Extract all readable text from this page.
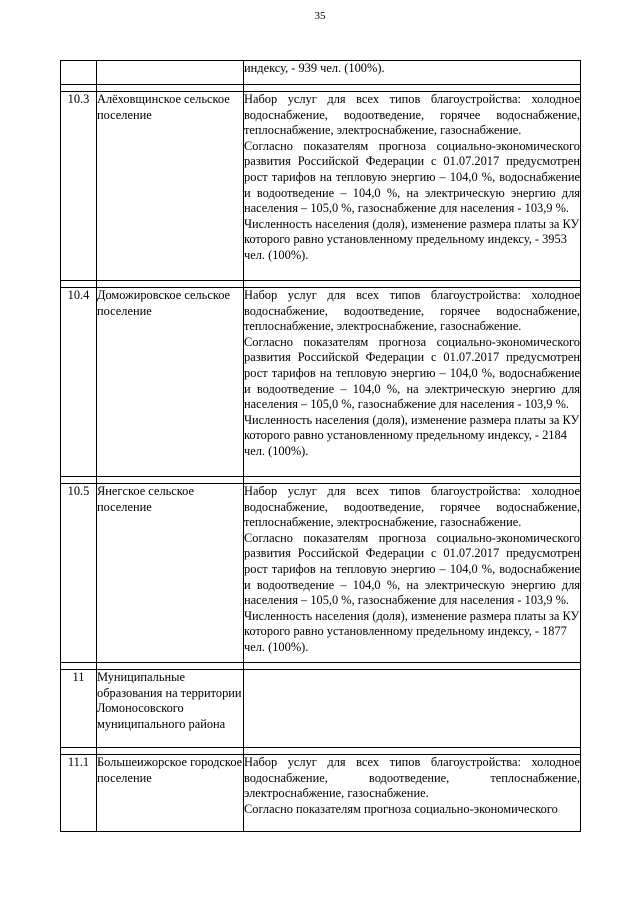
35

		индексу, - 939 чел. (100%).

10.3	Алёховщинское сельское поселение	Набор услуг для всех типов благоустройства: холодное водоснабжение, водоотведение, горячее водоснабжение, теплоснабжение, электроснабжение, газоснабжение.

Согласно показателям прогноза социально-экономического развития Российской Федерации с 01.07.2017 предусмотрен рост тарифов на тепловую энергию – 104,0 %, водоснабжение и водоотведение – 104,0 %, на электрическую энергию для населения – 105,0 %, газоснабжение для населения - 103,9 %.

Численность населения (доля), изменение размера платы за КУ которого равно установленному предельному индексу, - 3953 чел. (100%).

10.4	Доможировское сельское поселение	Набор услуг для всех типов благоустройства: холодное водоснабжение, водоотведение, горячее водоснабжение, теплоснабжение, электроснабжение, газоснабжение.

Согласно показателям прогноза социально-экономического развития Российской Федерации с 01.07.2017 предусмотрен рост тарифов на тепловую энергию – 104,0 %, водоснабжение и водоотведение – 104,0 %, на электрическую энергию для населения – 105,0 %, газоснабжение для населения - 103,9 %.

Численность населения (доля), изменение размера платы за КУ которого равно установленному предельному индексу, - 2184 чел. (100%).

10.5	Янегское сельское поселение	Набор услуг для всех типов благоустройства: холодное водоснабжение, водоотведение, горячее водоснабжение, теплоснабжение, электроснабжение, газоснабжение.

Согласно показателям прогноза социально-экономического развития Российской Федерации с 01.07.2017 предусмотрен рост тарифов на тепловую энергию – 104,0 %, водоснабжение и водоотведение – 104,0 %, на электрическую энергию для населения – 105,0 %, газоснабжение для населения - 103,9 %.

Численность населения (доля), изменение размера платы за КУ которого равно установленному предельному индексу, - 1877 чел. (100%).

11	Муниципальные образования на территории Ломоносовского муниципального района	

11.1	Большеижорское городское поселение	Набор услуг для всех типов благоустройства: холодное водоснабжение, водоотведение, теплоснабжение, электроснабжение, газоснабжение.

Согласно показателям прогноза социально-экономического
